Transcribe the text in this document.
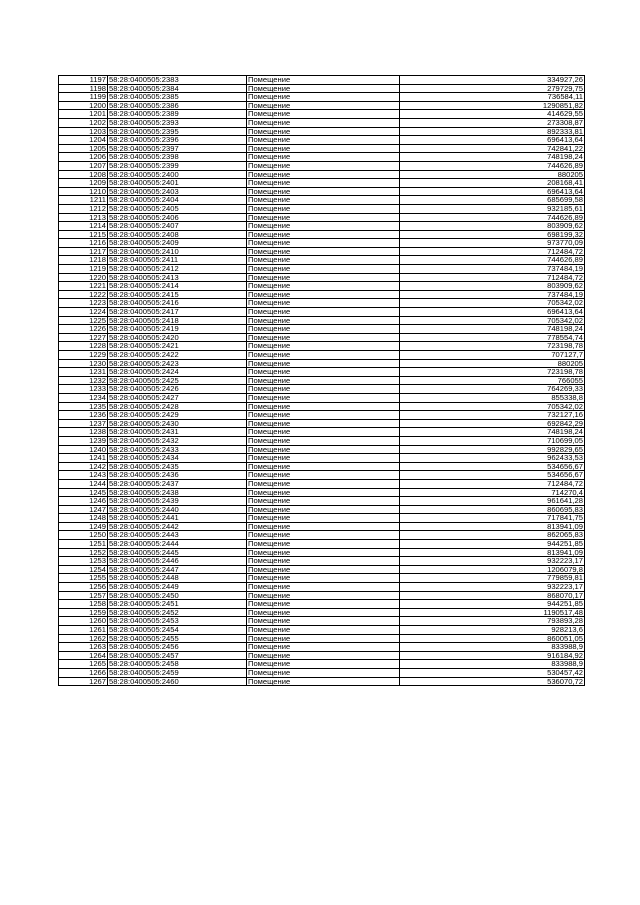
1197	58:28:0400505:2383	Помещение	334927,26
1198	58:28:0400505:2384	Помещение	279729,75
1199	58:28:0400505:2385	Помещение	736584,11
1200	58:28:0400505:2386	Помещение	1290851,82
1201	58:28:0400505:2389	Помещение	414629,55
1202	58:28:0400505:2393	Помещение	273308,87
1203	58:28:0400505:2395	Помещение	892333,81
1204	58:28:0400505:2396	Помещение	696413,64
1205	58:28:0400505:2397	Помещение	742841,22
1206	58:28:0400505:2398	Помещение	748198,24
1207	58:28:0400505:2399	Помещение	744626,89
1208	58:28:0400505:2400	Помещение	880205
1209	58:28:0400505:2401	Помещение	208168,41
1210	58:28:0400505:2403	Помещение	696413,64
1211	58:28:0400505:2404	Помещение	685699,58
1212	58:28:0400505:2405	Помещение	932185,61
1213	58:28:0400505:2406	Помещение	744626,89
1214	58:28:0400505:2407	Помещение	803909,62
1215	58:28:0400505:2408	Помещение	698199,32
1216	58:28:0400505:2409	Помещение	973770,09
1217	58:28:0400505:2410	Помещение	712484,72
1218	58:28:0400505:2411	Помещение	744626,89
1219	58:28:0400505:2412	Помещение	737484,19
1220	58:28:0400505:2413	Помещение	712484,72
1221	58:28:0400505:2414	Помещение	803909,62
1222	58:28:0400505:2415	Помещение	737484,19
1223	58:28:0400505:2416	Помещение	705342,02
1224	58:28:0400505:2417	Помещение	696413,64
1225	58:28:0400505:2418	Помещение	705342,02
1226	58:28:0400505:2419	Помещение	748198,24
1227	58:28:0400505:2420	Помещение	778554,74
1228	58:28:0400505:2421	Помещение	723198,78
1229	58:28:0400505:2422	Помещение	707127,7
1230	58:28:0400505:2423	Помещение	880205
1231	58:28:0400505:2424	Помещение	723198,78
1232	58:28:0400505:2425	Помещение	766055
1233	58:28:0400505:2426	Помещение	764269,33
1234	58:28:0400505:2427	Помещение	855338,8
1235	58:28:0400505:2428	Помещение	705342,02
1236	58:28:0400505:2429	Помещение	732127,16
1237	58:28:0400505:2430	Помещение	692842,29
1238	58:28:0400505:2431	Помещение	748198,24
1239	58:28:0400505:2432	Помещение	710699,05
1240	58:28:0400505:2433	Помещение	992829,65
1241	58:28:0400505:2434	Помещение	962433,53
1242	58:28:0400505:2435	Помещение	534656,67
1243	58:28:0400505:2436	Помещение	534656,67
1244	58:28:0400505:2437	Помещение	712484,72
1245	58:28:0400505:2438	Помещение	714270,4
1246	58:28:0400505:2439	Помещение	961641,28
1247	58:28:0400505:2440	Помещение	860695,83
1248	58:28:0400505:2441	Помещение	717841,75
1249	58:28:0400505:2442	Помещение	813941,09
1250	58:28:0400505:2443	Помещение	862065,83
1251	58:28:0400505:2444	Помещение	944251,85
1252	58:28:0400505:2445	Помещение	813941,09
1253	58:28:0400505:2446	Помещение	932223,17
1254	58:28:0400505:2447	Помещение	1206079,8
1255	58:28:0400505:2448	Помещение	779859,81
1256	58:28:0400505:2449	Помещение	932223,17
1257	58:28:0400505:2450	Помещение	868070,17
1258	58:28:0400505:2451	Помещение	944251,85
1259	58:28:0400505:2452	Помещение	1190517,48
1260	58:28:0400505:2453	Помещение	793893,28
1261	58:28:0400505:2454	Помещение	928213,6
1262	58:28:0400505:2455	Помещение	860051,05
1263	58:28:0400505:2456	Помещение	833988,9
1264	58:28:0400505:2457	Помещение	916184,92
1265	58:28:0400505:2458	Помещение	833988,9
1266	58:28:0400505:2459	Помещение	530457,42
1267	58:28:0400505:2460	Помещение	536070,72
